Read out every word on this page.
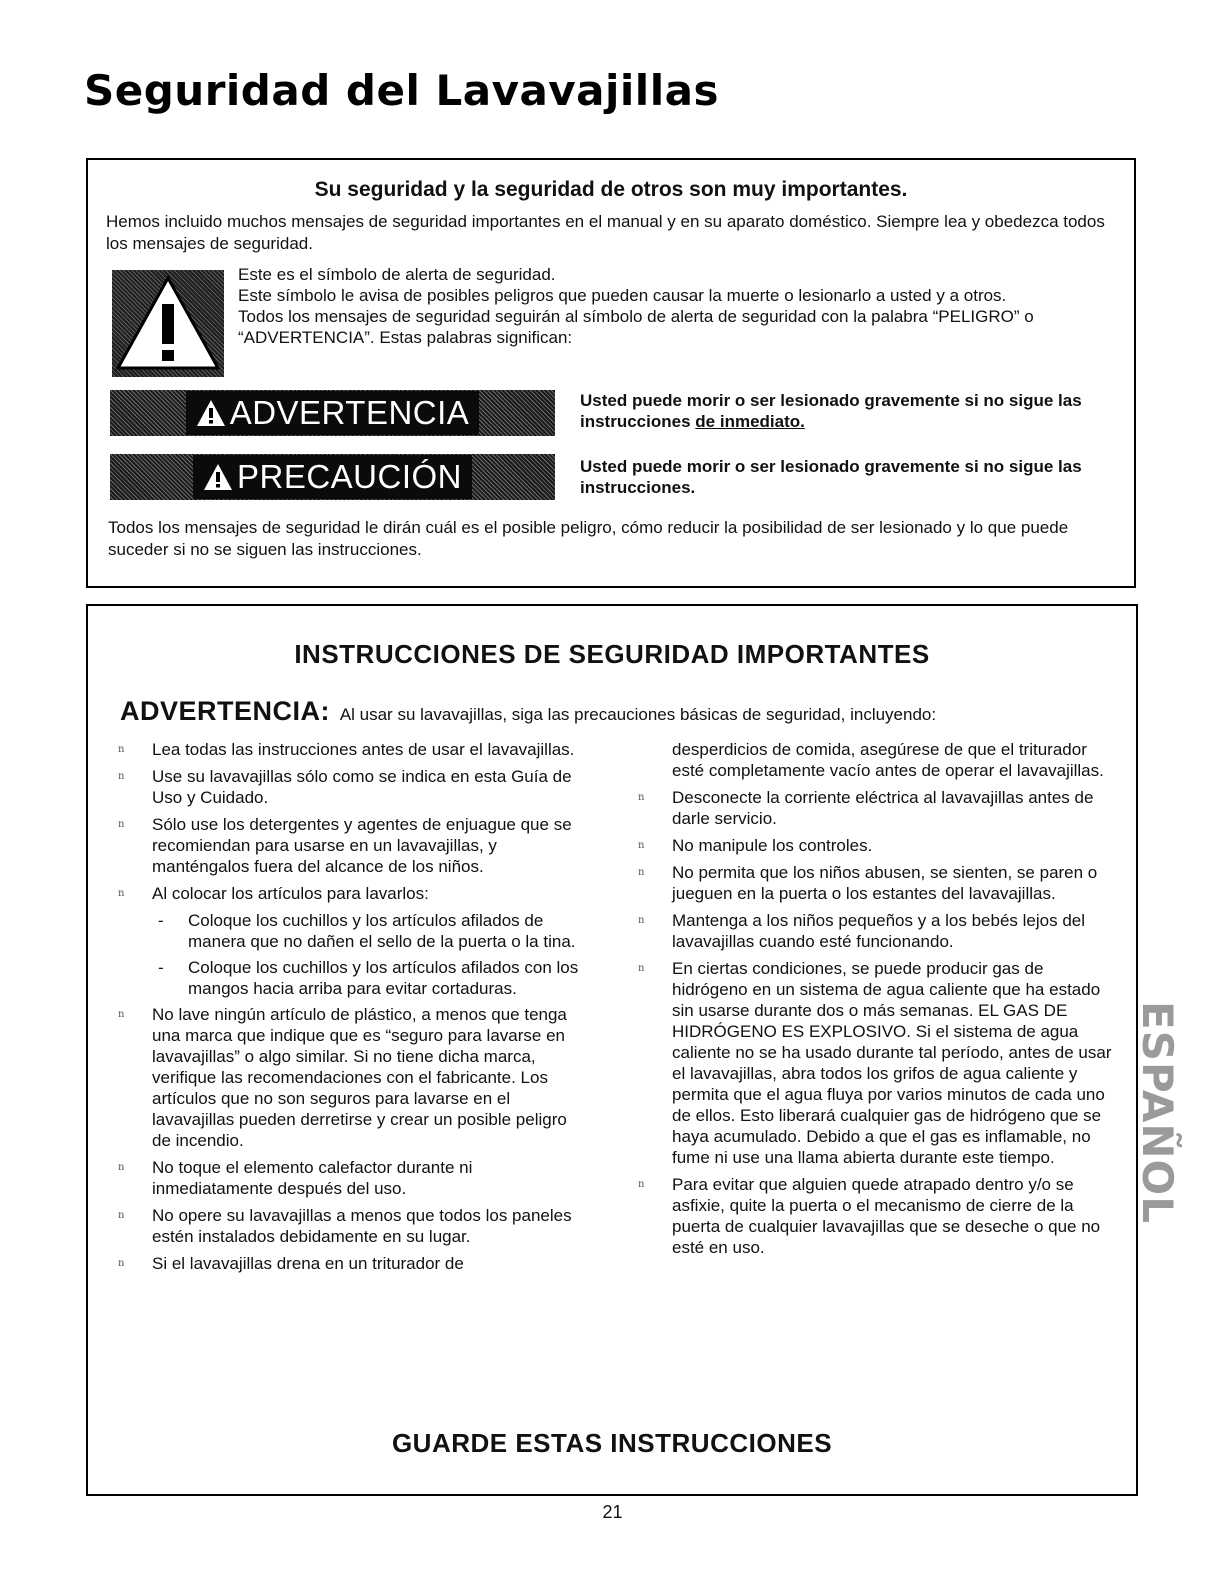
Seguridad del Lavavajillas
Su seguridad y la seguridad de otros son muy importantes.
Hemos incluido muchos mensajes de seguridad importantes en el manual y en su aparato doméstico. Siempre lea y obedezca todos los mensajes de seguridad.

Este es el símbolo de alerta de seguridad.

Este símbolo le avisa de posibles peligros que pueden causar la muerte o lesionarlo a usted y a otros.

Todos los mensajes de seguridad seguirán al símbolo de alerta de seguridad con la palabra “PELIGRO” o “ADVERTENCIA”. Estas palabras significan:

ADVERTENCIA	Usted puede morir o ser lesionado gravemente si no sigue las instrucciones de inmediato.
PRECAUCIÓN	Usted puede morir o ser lesionado gravemente si no sigue las instrucciones.
Todos los mensajes de seguridad le dirán cuál es el posible peligro, cómo reducir la posibilidad de ser lesionado y lo que puede suceder si no se siguen las instrucciones.
INSTRUCCIONES DE SEGURIDAD IMPORTANTES
ADVERTENCIA: Al usar su lavavajillas, siga las precauciones básicas de seguridad, incluyendo:
n Lea todas las instrucciones antes de usar el lavavajillas.
n Use su lavavajillas sólo como se indica en esta Guía de Uso y Cuidado.
n Sólo use los detergentes y agentes de enjuague que se recomiendan para usarse en un lavavajillas, y manténgalos fuera del alcance de los niños.
n Al colocar los artículos para lavarlos:
- Coloque los cuchillos y los artículos afilados de manera que no dañen el sello de la puerta o la tina.
- Coloque los cuchillos y los artículos afilados con los mangos hacia arriba para evitar cortaduras.
n No lave ningún artículo de plástico, a menos que tenga una marca que indique que es “seguro para lavarse en lavavajillas” o algo similar. Si no tiene dicha marca, verifique las recomendaciones con el fabricante. Los artículos que no son seguros para lavarse en el lavavajillas pueden derretirse y crear un posible peligro de incendio.
n No toque el elemento calefactor durante ni inmediatamente después del uso.
n No opere su lavavajillas a menos que todos los paneles estén instalados debidamente en su lugar.
n Si el lavavajillas drena en un triturador de
desperdicios de comida, asegúrese de que el triturador esté completamente vacío antes de operar el lavavajillas.
n Desconecte la corriente eléctrica al lavavajillas antes de darle servicio.
n No manipule los controles.
n No permita que los niños abusen, se sienten, se paren o jueguen en la puerta o los estantes del lavavajillas.
n Mantenga a los niños pequeños y a los bebés lejos del lavavajillas cuando esté funcionando.
n En ciertas condiciones, se puede producir gas de hidrógeno en un sistema de agua caliente que ha estado sin usarse durante dos o más semanas. EL GAS DE HIDRÓGENO ES EXPLOSIVO. Si el sistema de agua caliente no se ha usado durante tal período, antes de usar el lavavajillas, abra todos los grifos de agua caliente y permita que el agua fluya por varios minutos de cada uno de ellos. Esto liberará cualquier gas de hidrógeno que se haya acumulado. Debido a que el gas es inflamable, no fume ni use una llama abierta durante este tiempo.
n Para evitar que alguien quede atrapado dentro y/o se asfixie, quite la puerta o el mecanismo de cierre de la puerta de cualquier lavavajillas que se deseche o que no esté en uso.
GUARDE ESTAS INSTRUCCIONES
ESPAÑOL
21
